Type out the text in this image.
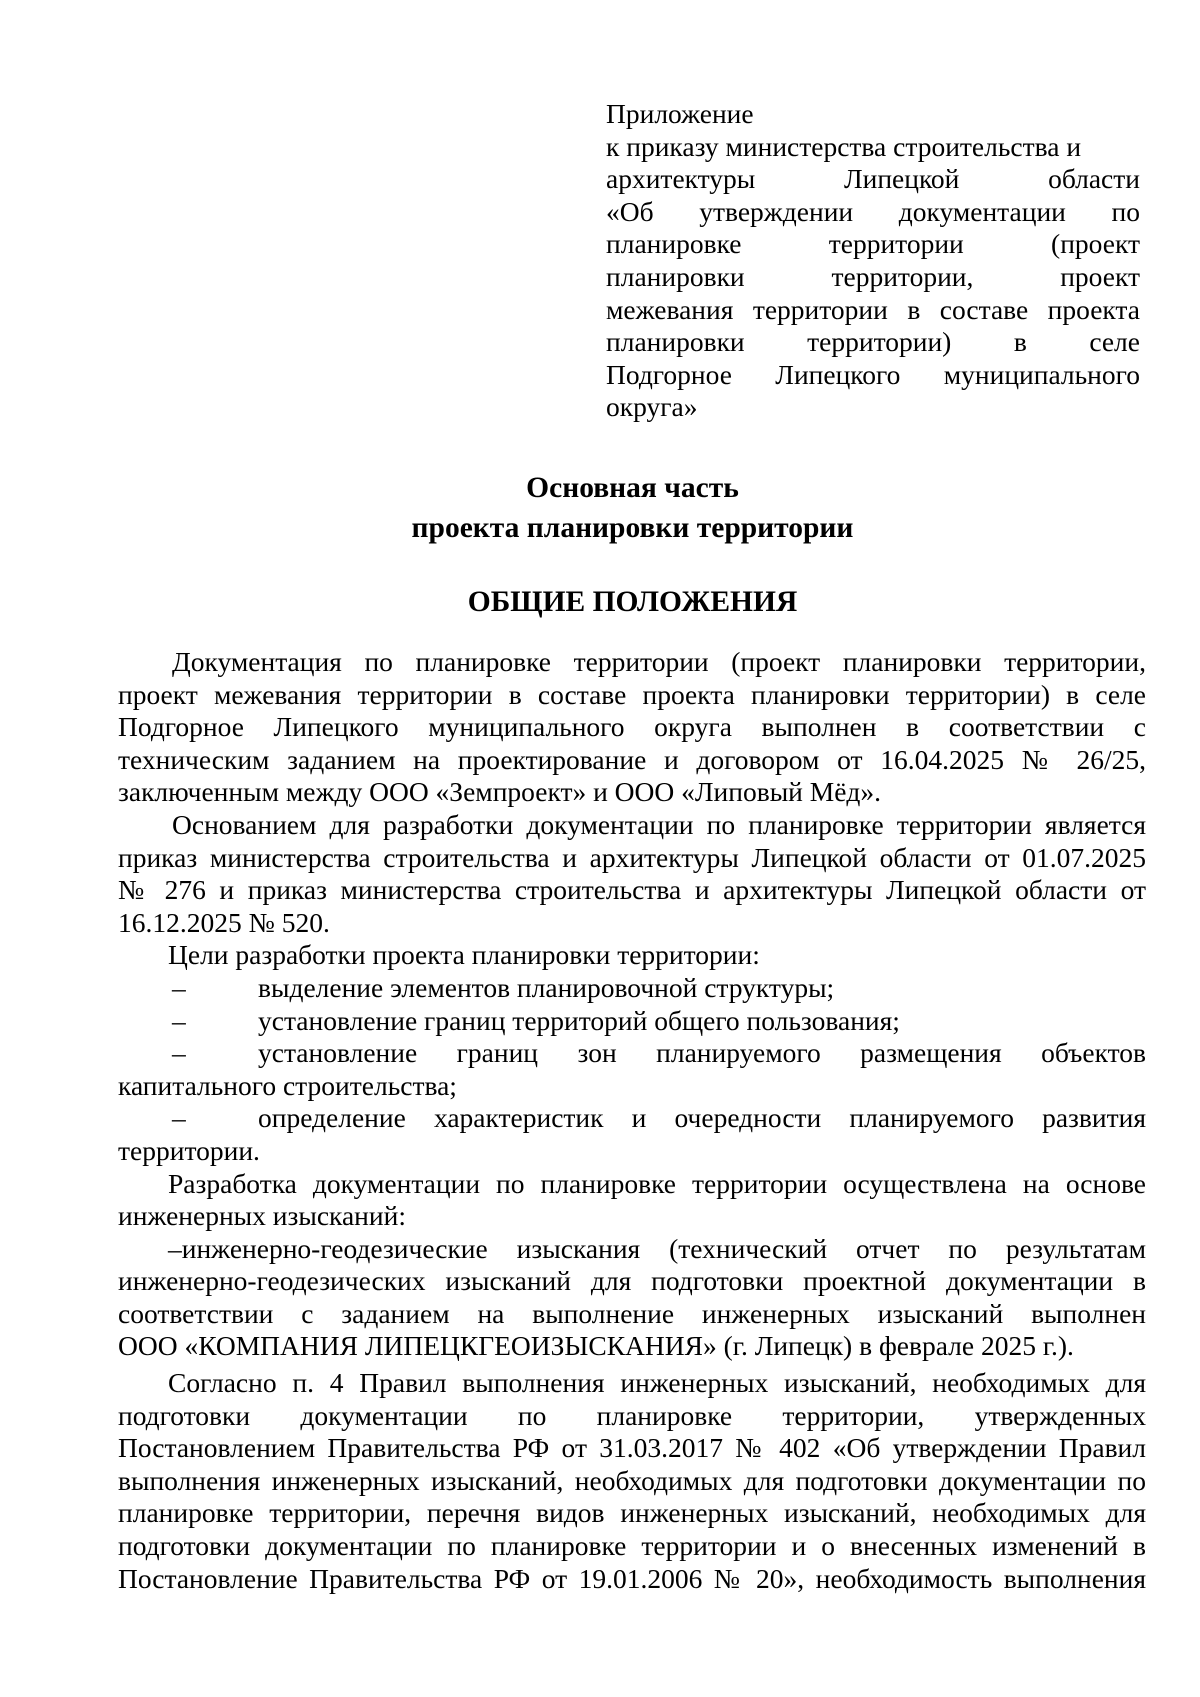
Приложение
к приказу министерства строительства и
архитектуры Липецкой области
«Об утверждении документации по
планировке территории (проект
планировки территории, проект
межевания территории в составе проекта
планировки территории) в селе
Подгорное Липецкого муниципального
округа»
Основная часть
проекта планировки территории
ОБЩИЕ ПОЛОЖЕНИЯ
Документация по планировке территории (проект планировки территории,
проект межевания территории в составе проекта планировки территории) в селе
Подгорное Липецкого муниципального округа выполнен в соответствии с
техническим заданием на проектирование и договором от 16.04.2025 № 26/25,
заключенным между ООО «Земпроект» и ООО «Липовый Мёд».
Основанием для разработки документации по планировке территории является
приказ министерства строительства и архитектуры Липецкой области от 01.07.2025
№ 276 и приказ министерства строительства и архитектуры Липецкой области от
16.12.2025 № 520.
Цели разработки проекта планировки территории:
–	выделение элементов планировочной структуры;
–	установление границ территорий общего пользования;
–	установление границ зон планируемого размещения объектов
капитального строительства;
–	определение характеристик и очередности планируемого развития
территории.
Разработка документации по планировке территории осуществлена на основе
инженерных изысканий:
–инженерно-геодезические изыскания (технический отчет по результатам
инженерно-геодезических изысканий для подготовки проектной документации в
соответствии с заданием на выполнение инженерных изысканий выполнен
ООО «КОМПАНИЯ ЛИПЕЦКГЕОИЗЫСКАНИЯ» (г. Липецк) в феврале 2025 г.).
Согласно п. 4 Правил выполнения инженерных изысканий, необходимых для
подготовки документации по планировке территории, утвержденных
Постановлением Правительства РФ от 31.03.2017 № 402 «Об утверждении Правил
выполнения инженерных изысканий, необходимых для подготовки документации по
планировке территории, перечня видов инженерных изысканий, необходимых для
подготовки документации по планировке территории и о внесенных изменений в
Постановление Правительства РФ от 19.01.2006 № 20», необходимость выполнения
